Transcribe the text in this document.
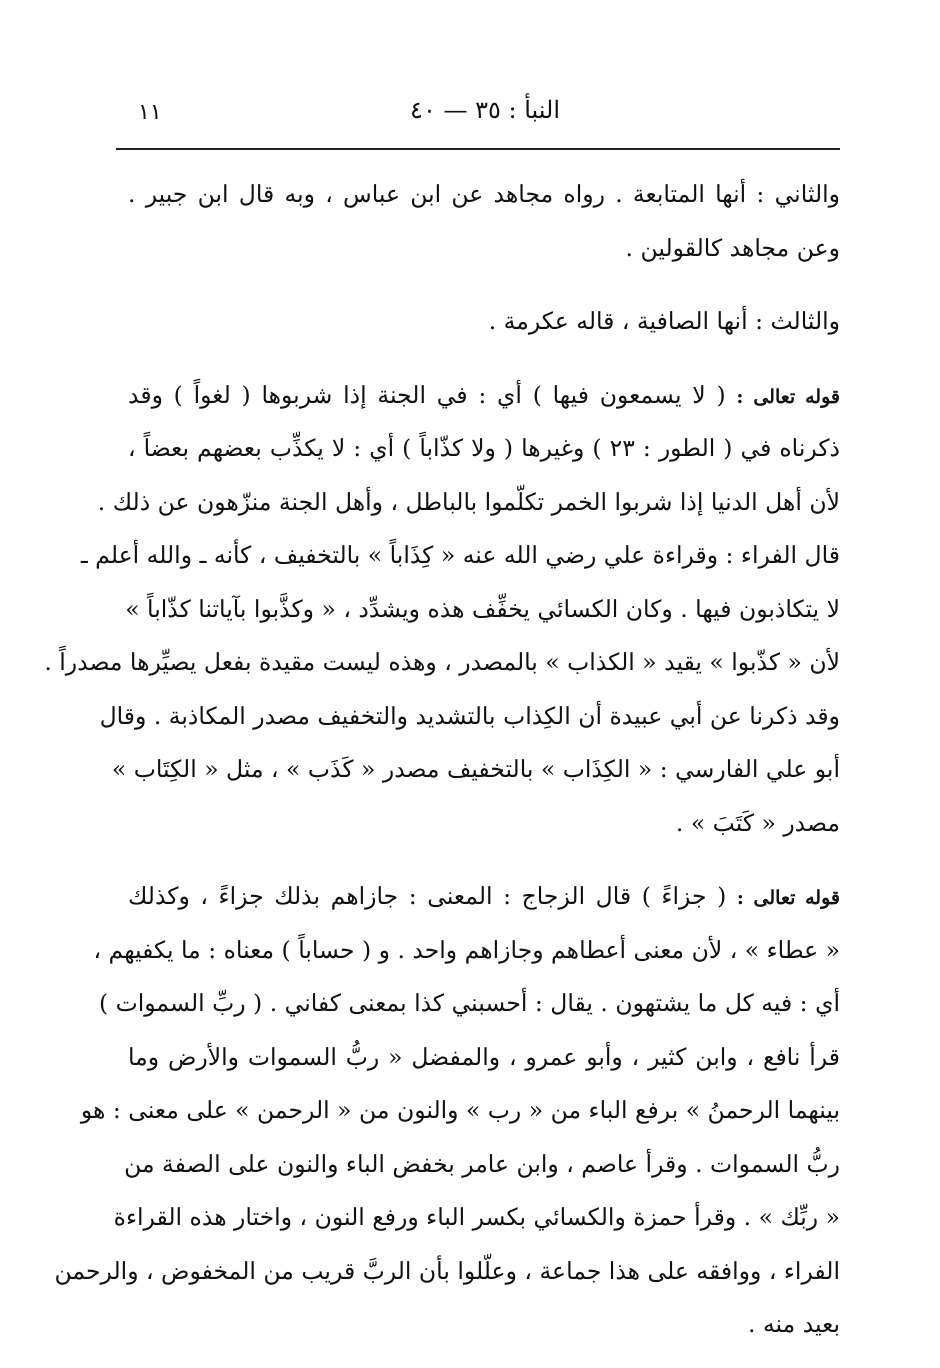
النبأ : ٣٥ — ٤٠
١١
والثاني : أنها المتابعة . رواه مجاهد عن ابن عباس ، وبه قال ابن جبير .
وعن مجاهد كالقولين .
والثالث : أنها الصافية ، قاله عكرمة .
قوله تعالى : ( لا يسمعون فيها ) أي : في الجنة إذا شربوها ( لغواً ) وقد
ذكرناه في ( الطور : ٢٣ ) وغيرها ( ولا كذّاباً ) أي : لا يكذِّب بعضهم بعضاً ،
لأن أهل الدنيا إذا شربوا الخمر تكلّموا بالباطل ، وأهل الجنة منزّهون عن ذلك .
قال الفراء : وقراءة علي رضي الله عنه « كِذَاباً » بالتخفيف ، كأنه ـ والله أعلم ـ
لا يتكاذبون فيها . وكان الكسائي يخفِّف هذه ويشدِّد ، « وكذَّبوا بآياتنا كذّاباً »
لأن « كذّبوا » يقيد « الكذاب » بالمصدر ، وهذه ليست مقيدة بفعل يصيِّرها مصدراً .
وقد ذكرنا عن أبي عبيدة أن الكِذاب بالتشديد والتخفيف مصدر المكاذبة . وقال
أبو علي الفارسي : « الكِذَاب » بالتخفيف مصدر « كَذَب » ، مثل « الكِتَاب »
مصدر « كَتَبَ » .
قوله تعالى : ( جزاءً ) قال الزجاج : المعنى : جازاهم بذلك جزاءً ، وكذلك
« عطاء » ، لأن معنى أعطاهم وجازاهم واحد . و ( حساباً ) معناه : ما يكفيهم ،
أي : فيه كل ما يشتهون . يقال : أحسبني كذا بمعنى كفاني . ( ربِّ السموات )
قرأ نافع ، وابن كثير ، وأبو عمرو ، والمفضل « ربُّ السموات والأرض وما
بينهما الرحمنُ » برفع الباء من « رب » والنون من « الرحمن » على معنى : هو
ربُّ السموات . وقرأ عاصم ، وابن عامر بخفض الباء والنون على الصفة من
« ربِّك » . وقرأ حمزة والكسائي بكسر الباء ورفع النون ، واختار هذه القراءة
الفراء ، ووافقه على هذا جماعة ، وعلّلوا بأن الربَّ قريب من المخفوض ، والرحمن
بعيد منه .
